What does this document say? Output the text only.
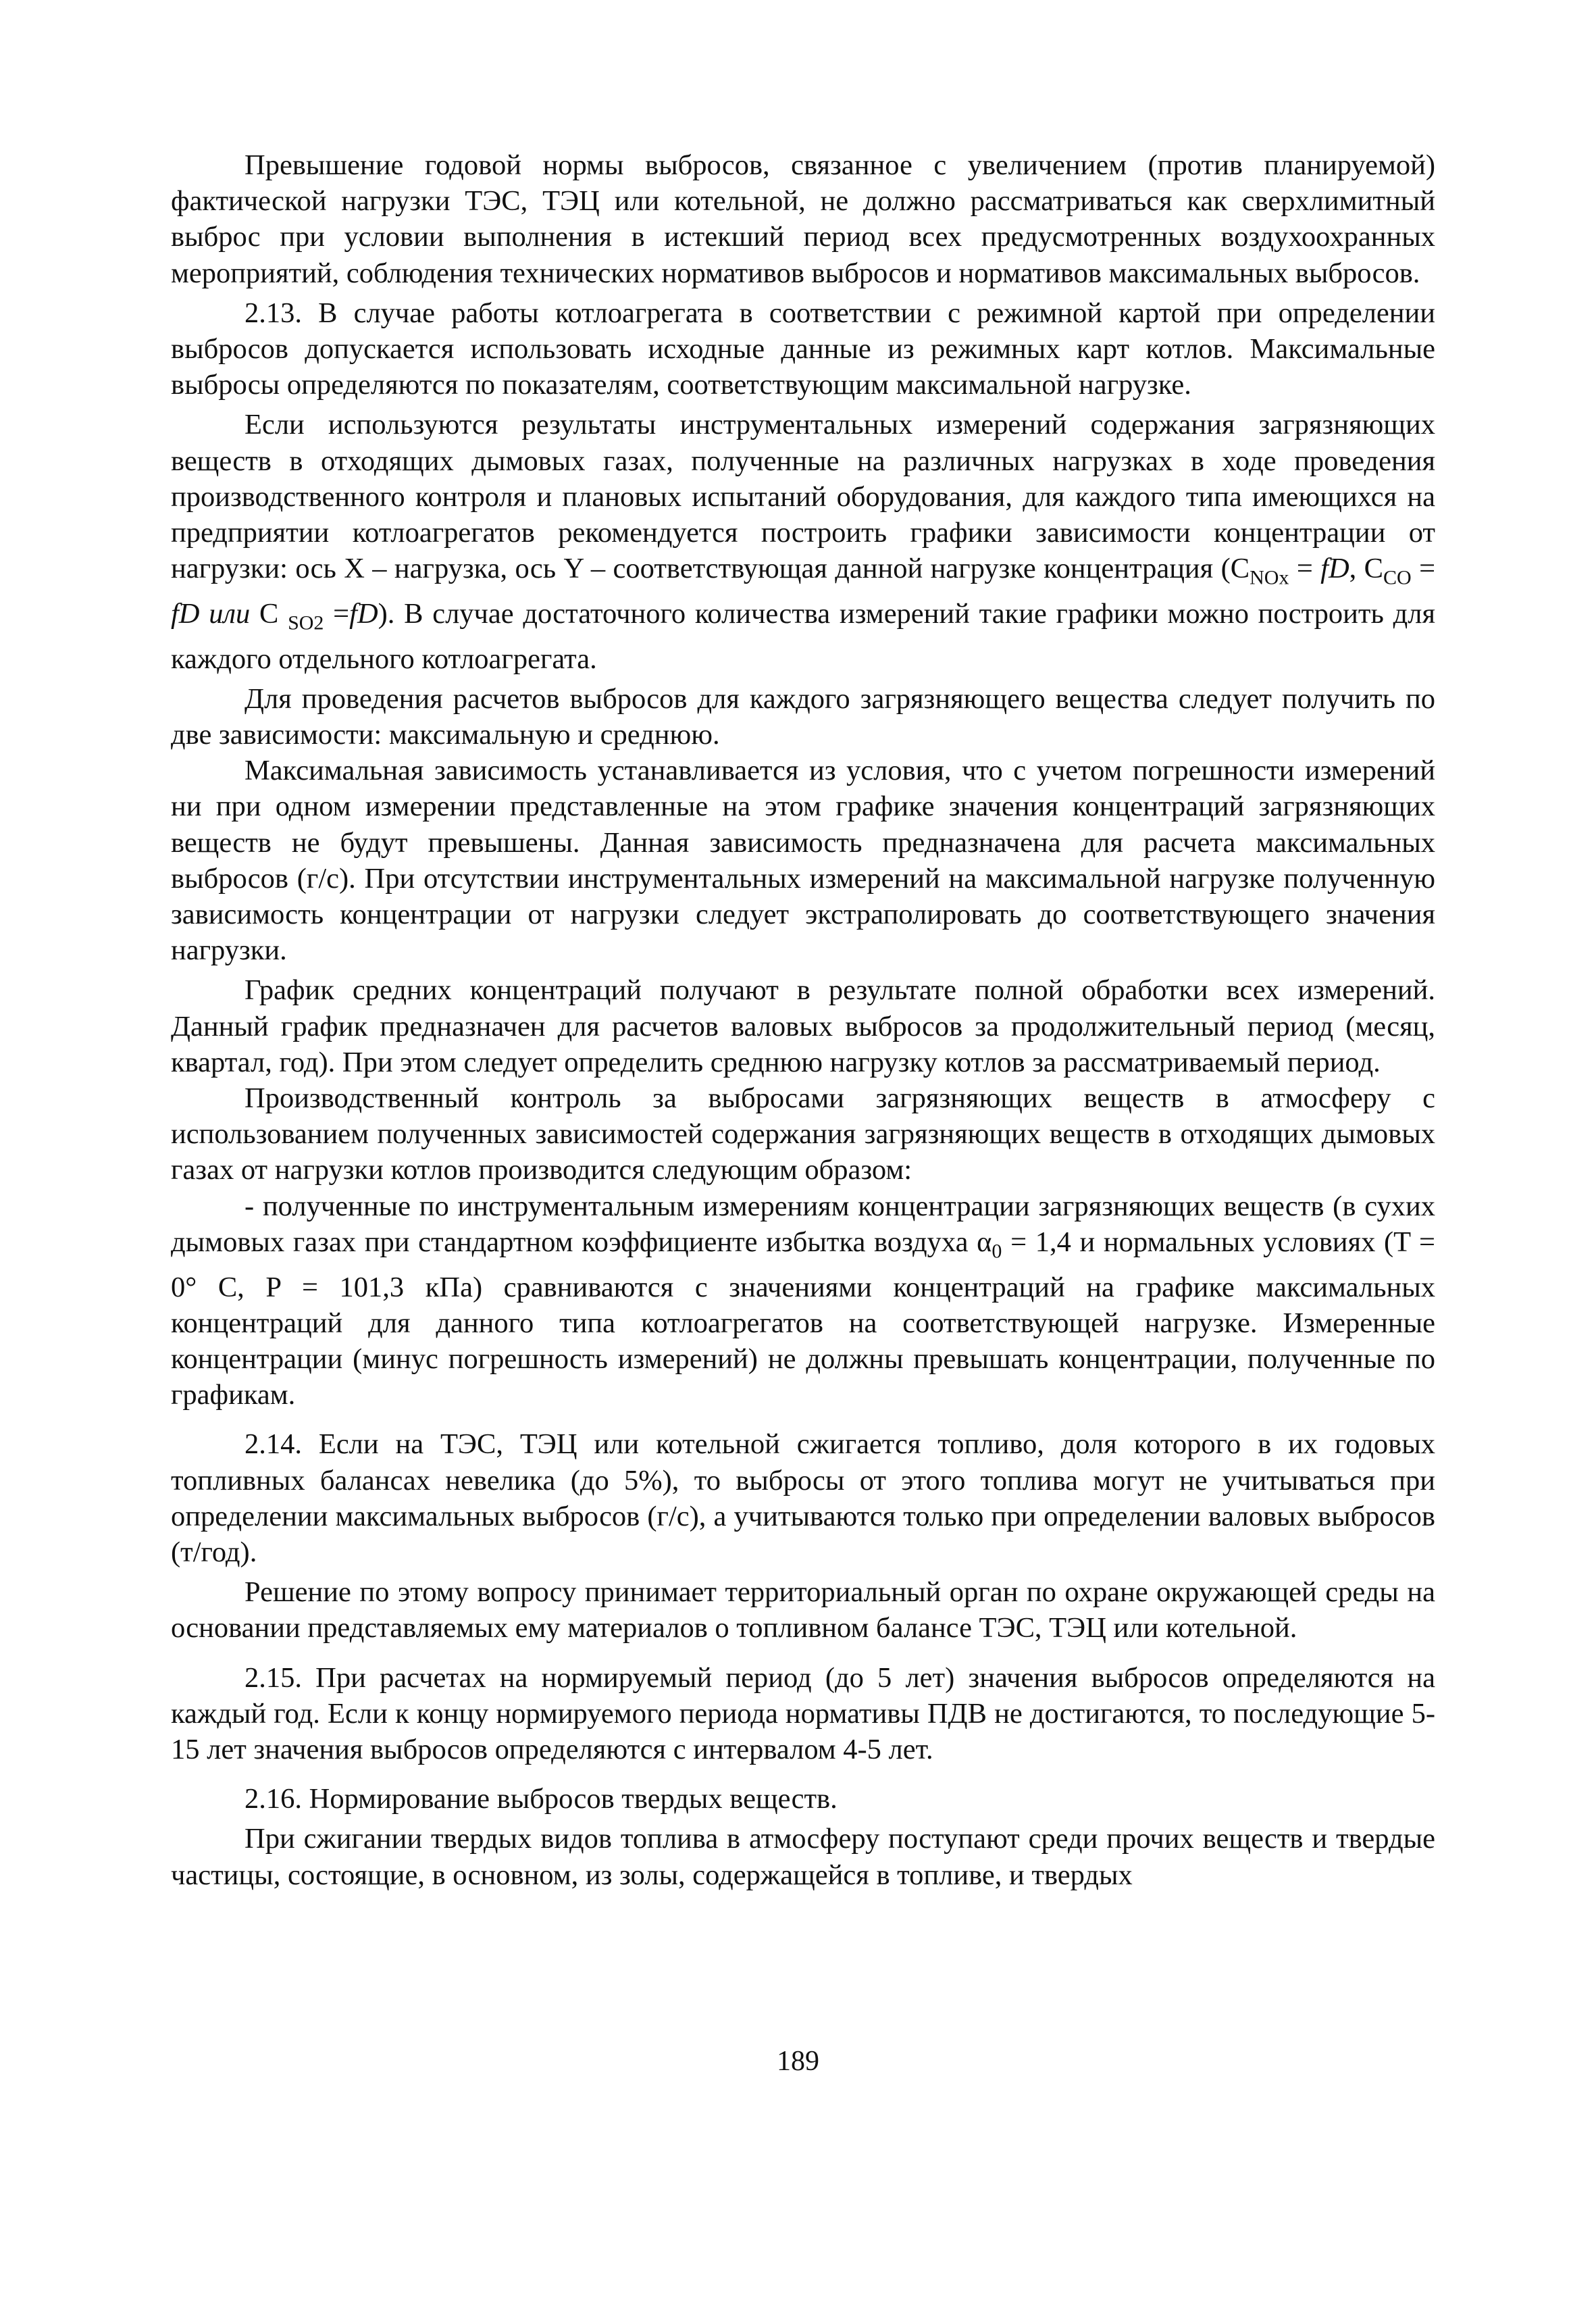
Превышение годовой нормы выбросов, связанное с увеличением (против планируемой) фактической нагрузки ТЭС, ТЭЦ или котельной, не должно рассматриваться как сверхлимитный выброс при условии выполнения в истекший период всех предусмотренных воздухоохранных мероприятий, соблюдения технических нормативов выбросов и нормативов максимальных выбросов.

2.13. В случае работы котлоагрегата в соответствии с режимной картой при определении выбросов допускается использовать исходные данные из режимных карт котлов. Максимальные выбросы определяются по показателям, соответствующим максимальной нагрузке.

Если используются результаты инструментальных измерений содержания загрязняющих веществ в отходящих дымовых газах, полученные на различных нагрузках в ходе проведения производственного контроля и плановых испытаний оборудования, для каждого типа имеющихся на предприятии котлоагрегатов рекомендуется построить графики зависимости концентрации от нагрузки: ось X – нагрузка, ось Y – соответствующая данной нагрузке концентрация ($C_{NOx}$ = fD, $C_{CO}$ = fD или C $_{SO2}$ =fD). В случае достаточного количества измерений такие графики можно построить для каждого отдельного котлоагрегата.

Для проведения расчетов выбросов для каждого загрязняющего вещества следует получить по две зависимости: максимальную и среднюю.

Максимальная зависимость устанавливается из условия, что с учетом погрешности измерений ни при одном измерении представленные на этом графике значения концентраций загрязняющих веществ не будут превышены. Данная зависимость предназначена для расчета максимальных выбросов (г/с). При отсутствии инструментальных измерений на максимальной нагрузке полученную зависимость концентрации от нагрузки следует экстраполировать до соответствующего значения нагрузки.

График средних концентраций получают в результате полной обработки всех измерений. Данный график предназначен для расчетов валовых выбросов за продолжительный период (месяц, квартал, год). При этом следует определить среднюю нагрузку котлов за рассматриваемый период.

Производственный контроль за выбросами загрязняющих веществ в атмосферу с использованием полученных зависимостей содержания загрязняющих веществ в отходящих дымовых газах от нагрузки котлов производится следующим образом:

- полученные по инструментальным измерениям концентрации загрязняющих веществ (в сухих дымовых газах при стандартном коэффициенте избытка воздуха $\alpha_0 = 1,4$ и нормальных условиях (T = 0° C, P = 101,3 кПа) сравниваются с значениями концентраций на графике максимальных концентраций для данного типа котлоагрегатов на соответствующей нагрузке. Измеренные концентрации (минус погрешность измерений) не должны превышать концентрации, полученные по графикам.

2.14. Если на ТЭС, ТЭЦ или котельной сжигается топливо, доля которого в их годовых топливных балансах невелика (до 5%), то выбросы от этого топлива могут не учитываться при определении максимальных выбросов (г/с), а учитываются только при определении валовых выбросов (т/год).

Решение по этому вопросу принимает территориальный орган по охране окружающей среды на основании представляемых ему материалов о топливном балансе ТЭС, ТЭЦ или котельной.

2.15. При расчетах на нормируемый период (до 5 лет) значения выбросов определяются на каждый год. Если к концу нормируемого периода нормативы ПДВ не достигаются, то последующие 5-15 лет значения выбросов определяются с интервалом 4-5 лет.

2.16. Нормирование выбросов твердых веществ.

При сжигании твердых видов топлива в атмосферу поступают среди прочих веществ и твердые частицы, состоящие, в основном, из золы, содержащейся в топливе, и твердых

189
